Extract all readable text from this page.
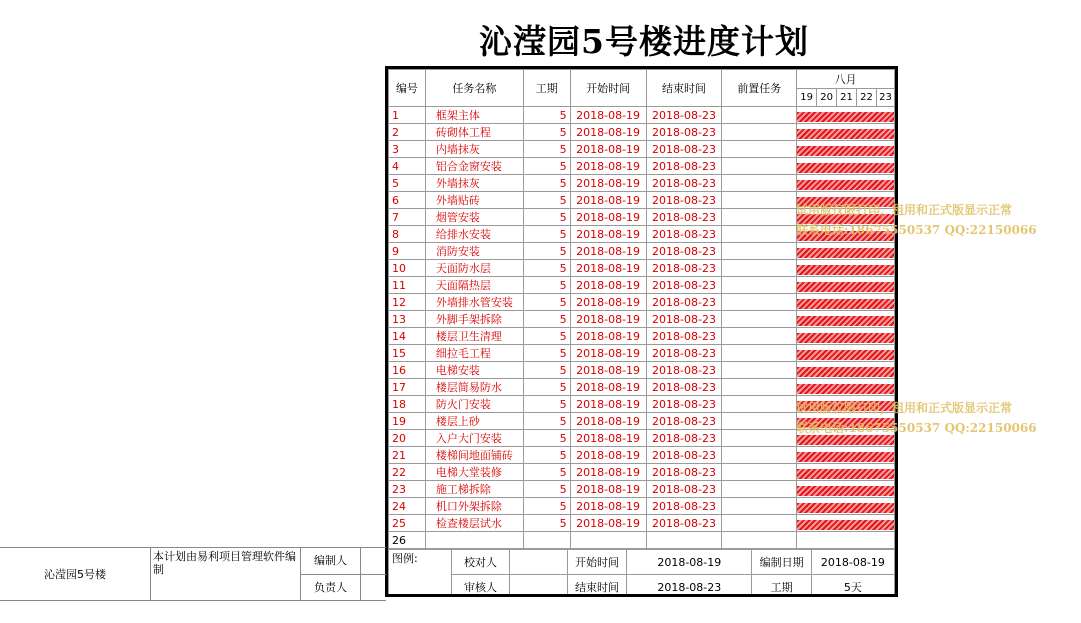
沁滢园5号楼进度计划
编号	任务名称	工期	开始时间	结束时间	前置任务	八月				
						19	20	21	22	23
1	框架主体	5	2018-08-19	2018-08-23						

2	砖砌体工程	5	2018-08-19	2018-08-23						

3	内墙抹灰	5	2018-08-19	2018-08-23						

4	铝合金窗安装	5	2018-08-19	2018-08-23						

5	外墙抹灰	5	2018-08-19	2018-08-23						

6	外墙贴砖	5	2018-08-19	2018-08-23						

7	烟管安装	5	2018-08-19	2018-08-23						

8	给排水安装	5	2018-08-19	2018-08-23						

9	消防安装	5	2018-08-19	2018-08-23						

10	天面防水层	5	2018-08-19	2018-08-23						

11	天面隔热层	5	2018-08-19	2018-08-23						

12	外墙排水管安装	5	2018-08-19	2018-08-23						

13	外脚手架拆除	5	2018-08-19	2018-08-23						

14	楼层卫生清理	5	2018-08-19	2018-08-23						

15	细拉毛工程	5	2018-08-19	2018-08-23						

16	电梯安装	5	2018-08-19	2018-08-23						

17	楼层简易防水	5	2018-08-19	2018-08-23						

18	防火门安装	5	2018-08-19	2018-08-23						

19	楼层上砂	5	2018-08-19	2018-08-23						

20	入户大门安装	5	2018-08-19	2018-08-23						

21	楼梯间地面铺砖	5	2018-08-19	2018-08-23						

22	电梯大堂装修	5	2018-08-19	2018-08-23						

23	施工梯拆除	5	2018-08-19	2018-08-23						

24	机口外架拆除	5	2018-08-19	2018-08-23						

25	检查楼层试水	5	2018-08-19	2018-08-23						

26										
图例:	校对人		开始时间	2018-08-19	编制日期	2018-08-19
	审核人		结束时间	2018-08-23	工期	5天
沁滢园5号楼
本计划由易利项目管理软件编制
编制人
负责人
试用版仅限打印，租用和正式版显示正常
联系电话:18675550537 QQ:22150066
试用版仅限打印，租用和正式版显示正常
联系电话:18675550537 QQ:22150066
